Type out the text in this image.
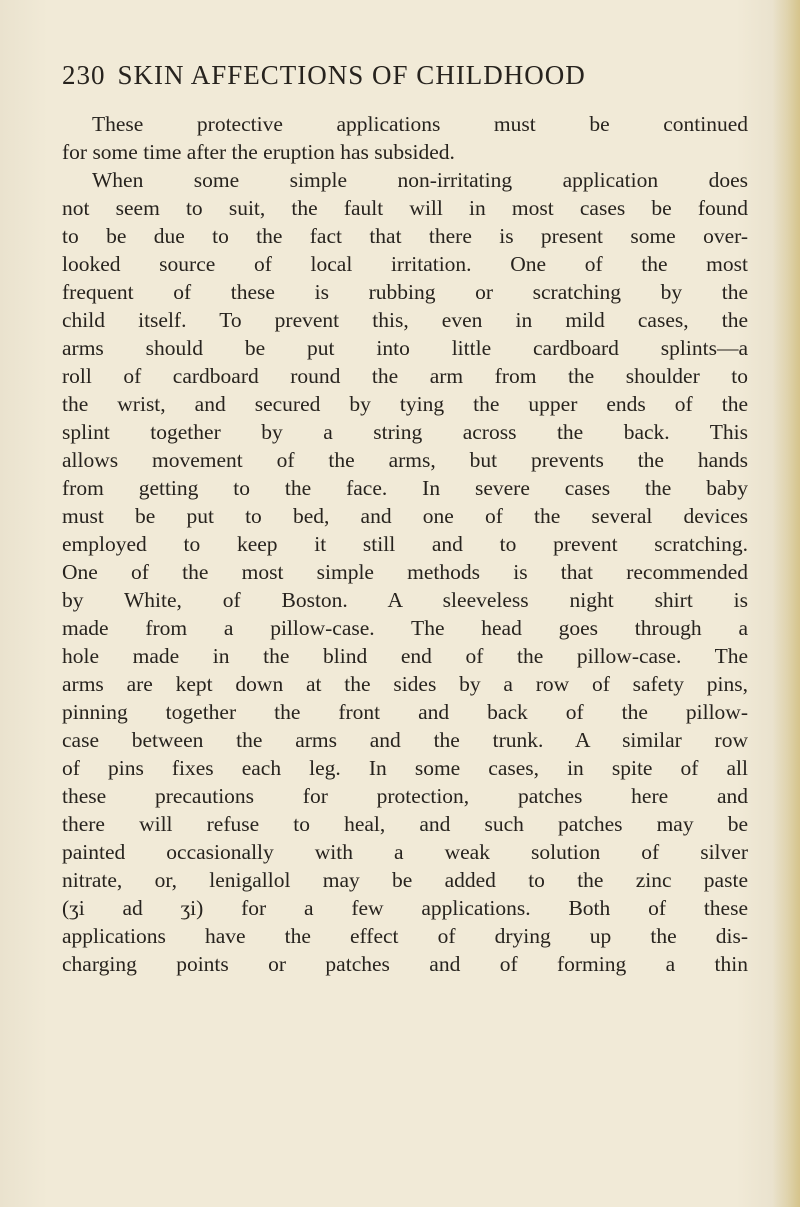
230 SKIN AFFECTIONS OF CHILDHOOD
These protective applications must be continued
for some time after the eruption has subsided.
When some simple non-irritating application does
not seem to suit, the fault will in most cases be found
to be due to the fact that there is present some over-
looked source of local irritation. One of the most
frequent of these is rubbing or scratching by the
child itself. To prevent this, even in mild cases, the
arms should be put into little cardboard splints—a
roll of cardboard round the arm from the shoulder to
the wrist, and secured by tying the upper ends of the
splint together by a string across the back. This
allows movement of the arms, but prevents the hands
from getting to the face. In severe cases the baby
must be put to bed, and one of the several devices
employed to keep it still and to prevent scratching.
One of the most simple methods is that recommended
by White, of Boston. A sleeveless night shirt is
made from a pillow-case. The head goes through a
hole made in the blind end of the pillow-case. The
arms are kept down at the sides by a row of safety pins,
pinning together the front and back of the pillow-
case between the arms and the trunk. A similar row
of pins fixes each leg. In some cases, in spite of all
these precautions for protection, patches here and
there will refuse to heal, and such patches may be
painted occasionally with a weak solution of silver
nitrate, or, lenigallol may be added to the zinc paste
(ʒi ad ʒi) for a few applications. Both of these
applications have the effect of drying up the dis-
charging points or patches and of forming a thin
